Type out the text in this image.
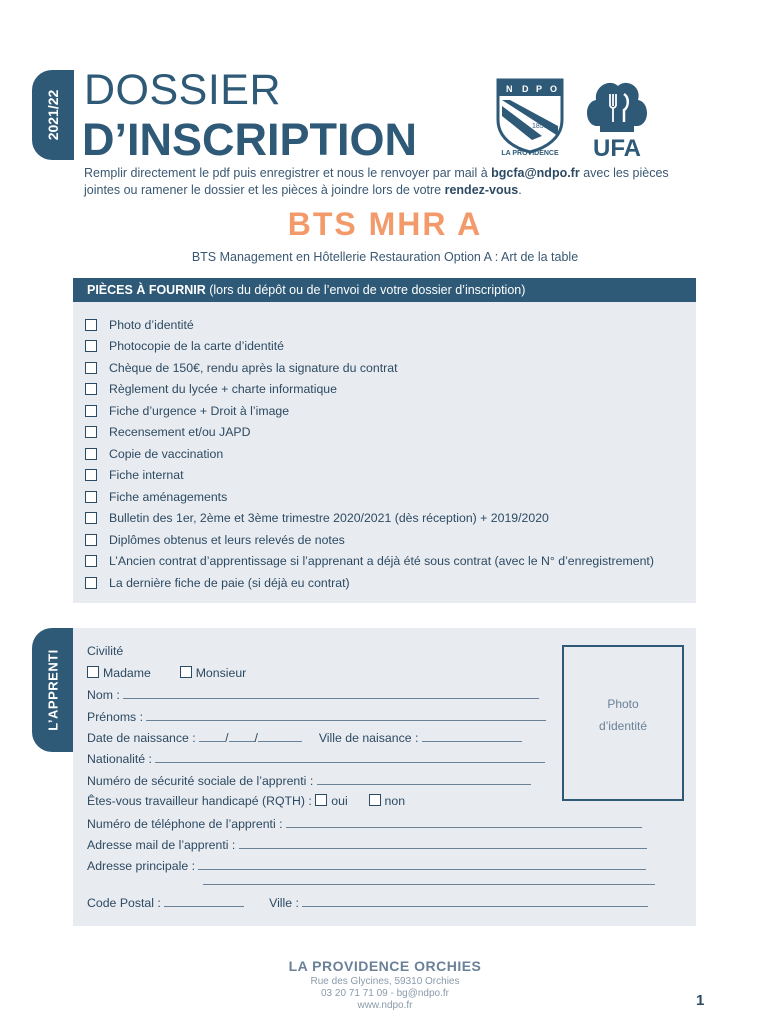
2021/22 DOSSIER
D’INSCRIPTION
N D P O
1856
LA PROVIDENCE UFA
Remplir directement le pdf puis enregistrer et nous le renvoyer par mail à bgcfa@ndpo.fr avec les pièces jointes ou ramener le dossier et les pièces à joindre lors de votre rendez-vous.
BTS MHR A
BTS Management en Hôtellerie Restauration Option A : Art de la table
PIÈCES À FOURNIR (lors du dépôt ou de l’envoi de votre dossier d’inscription)
Photo d’identité
Photocopie de la carte d’identité
Chèque de 150€, rendu après la signature du contrat
Règlement du lycée + charte informatique
Fiche d’urgence + Droit à l’image
Recensement et/ou JAPD
Copie de vaccination
Fiche internat
Fiche aménagements
Bulletin des 1er, 2ème et 3ème trimestre 2020/2021 (dès réception) + 2019/2020
Diplômes obtenus et leurs relevés de notes
L’Ancien contrat d’apprentissage si l’apprenant a déjà été sous contrat (avec le N° d’enregistrement)
La dernière fiche de paie (si déjà eu contrat)
L’APPRENTI	Photo
d’identité
Civilité
Madame	Monsieur
Nom :
Prénoms :
Date de naissance : / /	Ville de naisance :
Nationalité :
Numéro de sécurité sociale de l’apprenti :
Êtes-vous travailleur handicapé (RQTH) : oui	non
Numéro de téléphone de l’apprenti :
Adresse mail de l’apprenti :
Adresse principale :
Code Postal :	Ville :
LA PROVIDENCE ORCHIES
Rue des Glycines, 59310 Orchies
03 20 71 71 09 - bg@ndpo.fr
www.ndpo.fr	1
